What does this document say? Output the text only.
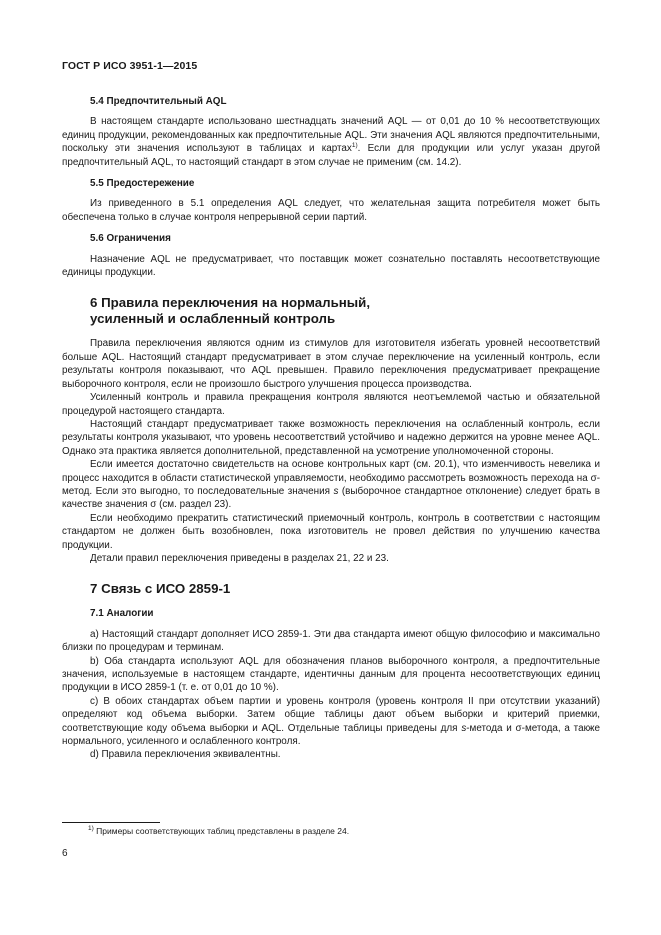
ГОСТ Р ИСО 3951-1—2015
5.4 Предпочтительный AQL

В настоящем стандарте использовано шестнадцать значений AQL — от 0,01 до 10 % несоответствующих единиц продукции, рекомендованных как предпочтительные AQL. Эти значения AQL являются предпочтительными, поскольку эти значения используют в таблицах и картах$^{1)}$. Если для продукции или услуг указан другой предпочтительный AQL, то настоящий стандарт в этом случае не применим (см. 14.2).

5.5 Предостережение

Из приведенного в 5.1 определения AQL следует, что желательная защита потребителя может быть обеспечена только в случае контроля непрерывной серии партий.

5.6 Ограничения

Назначение AQL не предусматривает, что поставщик может сознательно поставлять несоответствующие единицы продукции.

6 Правила переключения на нормальный,
усиленный и ослабленный контроль

Правила переключения являются одним из стимулов для изготовителя избегать уровней несоответствий больше AQL. Настоящий стандарт предусматривает в этом случае переключение на усиленный контроль, если результаты контроля показывают, что AQL превышен. Правило переключения предусматривает прекращение выборочного контроля, если не произошло быстрого улучшения процесса производства.

Усиленный контроль и правила прекращения контроля являются неотъемлемой частью и обязательной процедурой настоящего стандарта.

Настоящий стандарт предусматривает также возможность переключения на ослабленный контроль, если результаты контроля указывают, что уровень несоответствий устойчиво и надежно держится на уровне менее AQL. Однако эта практика является дополнительной, представленной на усмотрение уполномоченной стороны.

Если имеется достаточно свидетельств на основе контрольных карт (см. 20.1), что изменчивость невелика и процесс находится в области статистической управляемости, необходимо рассмотреть возможность перехода на σ-метод. Если это выгодно, то последовательные значения s (выборочное стандартное отклонение) следует брать в качестве значения σ (см. раздел 23).

Если необходимо прекратить статистический приемочный контроль, контроль в соответствии с настоящим стандартом не должен быть возобновлен, пока изготовитель не провел действия по улучшению качества продукции.

Детали правил переключения приведены в разделах 21, 22 и 23.

7 Связь с ИСО 2859-1
7.1 Аналогии

а) Настоящий стандарт дополняет ИСО 2859-1. Эти два стандарта имеют общую философию и максимально близки по процедурам и терминам.

b) Оба стандарта используют AQL для обозначения планов выборочного контроля, а предпочтительные значения, используемые в настоящем стандарте, идентичны данным для процента несоответствующих единиц продукции в ИСО 2859-1 (т. е. от 0,01 до 10 %).

с) В обоих стандартах объем партии и уровень контроля (уровень контроля II при отсутствии указаний) определяют код объема выборки. Затем общие таблицы дают объем выборки и критерий приемки, соответствующие коду объема выборки и AQL. Отдельные таблицы приведены для s-метода и σ-метода, а также нормального, усиленного и ослабленного контроля.

d) Правила переключения эквивалентны.

$^{1)}$ Примеры соответствующих таблиц представлены в разделе 24.
6
